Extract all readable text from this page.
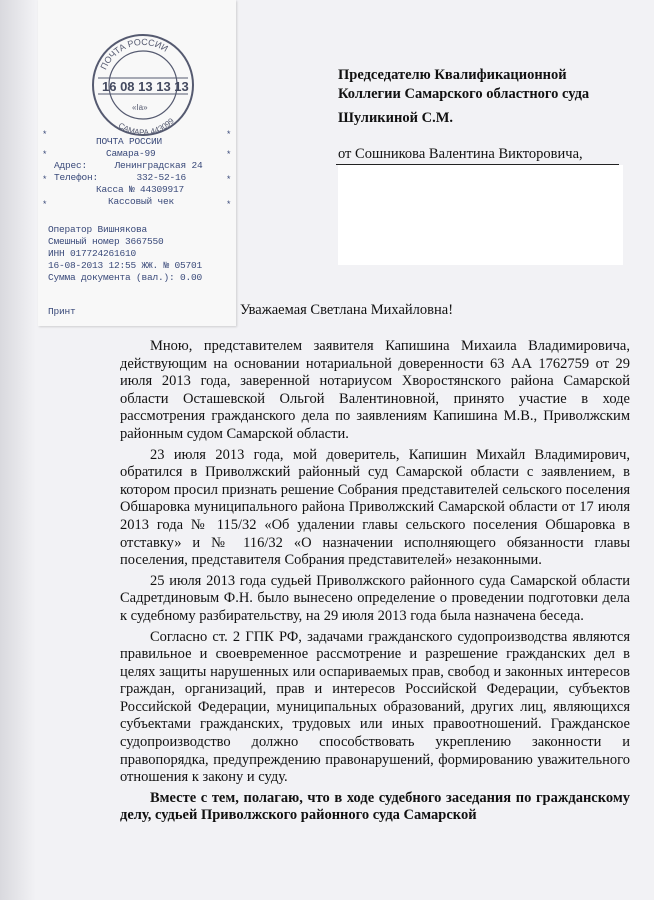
Председателю Квалификационной
Коллегии Самарского областного суда
Шуликиной С.М.
от Сошникова Валентина Викторовича,
ПОЧТА РОССИИ
16 08 13 13 13
«Ia»
САМАРА 443099
*	*
*	*
*	*
*	*
ПОЧТА РОССИИ
Самара-99
Адрес:     Ленинградская 24
Телефон:       332-52-16
Касса № 44309917
Кассовый чек
Оператор Вишнякова
Смешный номер 3667550
ИНН 017724261610
16-08-2013 12:55 ЖЖ. № 05701
Сумма документа (вал.): 0.00
Принт	Уважаемая Светлана Михайловна!

Мною, представителем заявителя Капишина Михаила Владимировича, действующим на основании нотариальной доверенности 63 АА 1762759 от 29 июля 2013 года, заверенной нотариусом Хворостянского района Самарской области Осташевской Ольгой Валентиновной, принято участие в ходе рассмотрения гражданского дела по заявлениям Капишина М.В., Приволжским районным судом Самарской области.

23 июля 2013 года, мой доверитель, Капишин Михайл Владимирович, обратился в Приволжский районный суд Самарской области с заявлением, в котором просил признать решение Собрания представителей сельского поселения Обшаровка муниципального района Приволжский Самарской области от 17 июля 2013 года № 115/32 «Об удалении главы сельского поселения Обшаровка в отставку» и № 116/32 «О назначении исполняющего обязанности главы поселения, представителя Собрания представителей» незаконными.

25 июля 2013 года судьей Приволжского районного суда Самарской области Садретдиновым Ф.Н. было вынесено определение о проведении подготовки дела к судебному разбирательству, на 29 июля 2013 года была назначена беседа.

Согласно ст. 2 ГПК РФ, задачами гражданского судопроизводства являются правильное и своевременное рассмотрение и разрешение гражданских дел в целях защиты нарушенных или оспариваемых прав, свобод и законных интересов граждан, организаций, прав и интересов Российской Федерации, субъектов Российской Федерации, муниципальных образований, других лиц, являющихся субъектами гражданских, трудовых или иных правоотношений. Гражданское судопроизводство должно способствовать укреплению законности и правопорядка, предупреждению правонарушений, формированию уважительного отношения к закону и суду.

Вместе с тем, полагаю, что в ходе судебного заседания по гражданскому делу, судьей Приволжского районного суда Самарской
